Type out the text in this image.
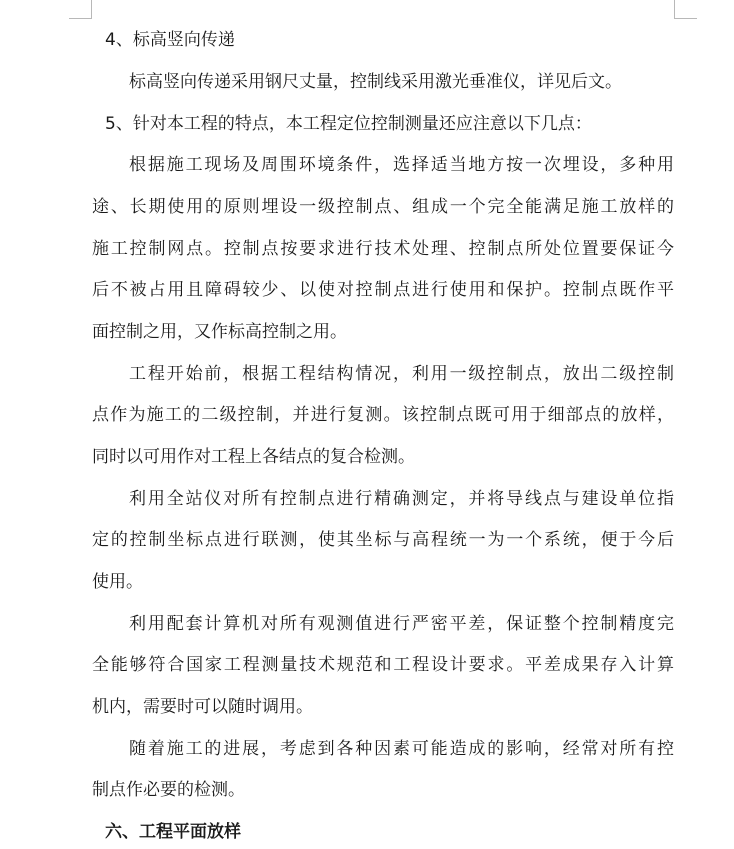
4、标高竖向传递
标高竖向传递采用钢尺丈量，控制线采用激光垂准仪，详见后文。
5、针对本工程的特点，本工程定位控制测量还应注意以下几点：
根据施工现场及周围环境条件，选择适当地方按一次埋设，多种用
途、长期使用的原则埋设一级控制点、组成一个完全能满足施工放样的
施工控制网点。控制点按要求进行技术处理、控制点所处位置要保证今
后不被占用且障碍较少、以使对控制点进行使用和保护。控制点既作平
面控制之用，又作标高控制之用。
工程开始前，根据工程结构情况，利用一级控制点，放出二级控制
点作为施工的二级控制，并进行复测。该控制点既可用于细部点的放样，
同时以可用作对工程上各结点的复合检测。
利用全站仪对所有控制点进行精确测定，并将导线点与建设单位指
定的控制坐标点进行联测，使其坐标与高程统一为一个系统，便于今后
使用。
利用配套计算机对所有观测值进行严密平差，保证整个控制精度完
全能够符合国家工程测量技术规范和工程设计要求。平差成果存入计算
机内，需要时可以随时调用。
随着施工的进展，考虑到各种因素可能造成的影响，经常对所有控
制点作必要的检测。
六、工程平面放样
